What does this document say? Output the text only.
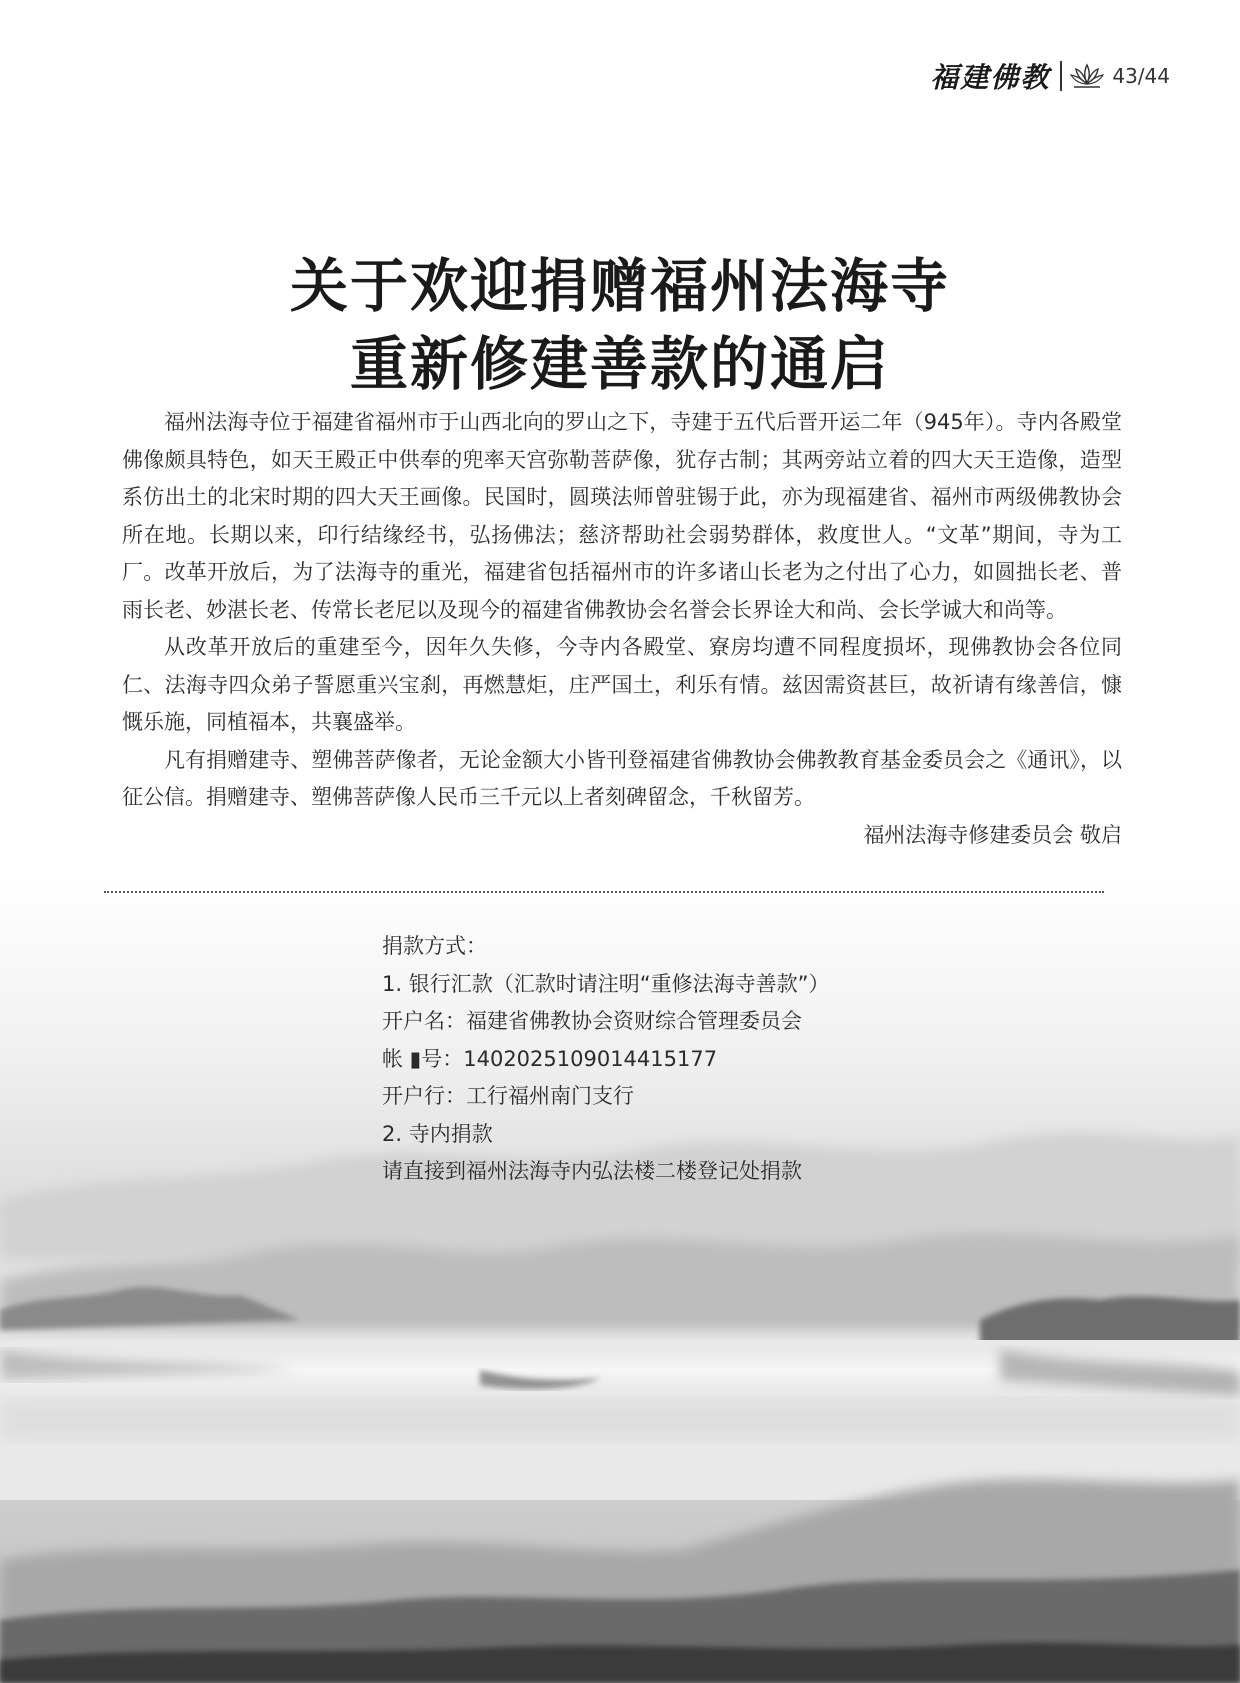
福建佛教	43/44
关于欢迎捐赠福州法海寺
重新修建善款的通启

福州法海寺位于福建省福州市于山西北向的罗山之下，寺建于五代后晋开运二年（945年）。寺内各殿堂佛像颇具特色，如天王殿正中供奉的兜率天宫弥勒菩萨像，犹存古制；其两旁站立着的四大天王造像，造型系仿出土的北宋时期的四大天王画像。民国时，圆瑛法师曾驻锡于此，亦为现福建省、福州市两级佛教协会所在地。长期以来，印行结缘经书，弘扬佛法；慈济帮助社会弱势群体，救度世人。“文革”期间，寺为工厂。改革开放后，为了法海寺的重光，福建省包括福州市的许多诸山长老为之付出了心力，如圆拙长老、普雨长老、妙湛长老、传常长老尼以及现今的福建省佛教协会名誉会长界诠大和尚、会长学诚大和尚等。

从改革开放后的重建至今，因年久失修，今寺内各殿堂、寮房均遭不同程度损坏，现佛教协会各位同仁、法海寺四众弟子誓愿重兴宝刹，再燃慧炬，庄严国土，利乐有情。兹因需资甚巨，故祈请有缘善信，慷慨乐施，同植福本，共襄盛举。

凡有捐赠建寺、塑佛菩萨像者，无论金额大小皆刊登福建省佛教协会佛教教育基金委员会之《通讯》，以征公信。捐赠建寺、塑佛菩萨像人民币三千元以上者刻碑留念，千秋留芳。

福州法海寺修建委员会 敬启

捐款方式：
1. 银行汇款（汇款时请注明“重修法海寺善款”）
开户名：福建省佛教协会资财综合管理委员会
帐 ▮号：1402025109014415177
开户行：工行福州南门支行
2. 寺内捐款
请直接到福州法海寺内弘法楼二楼登记处捐款
